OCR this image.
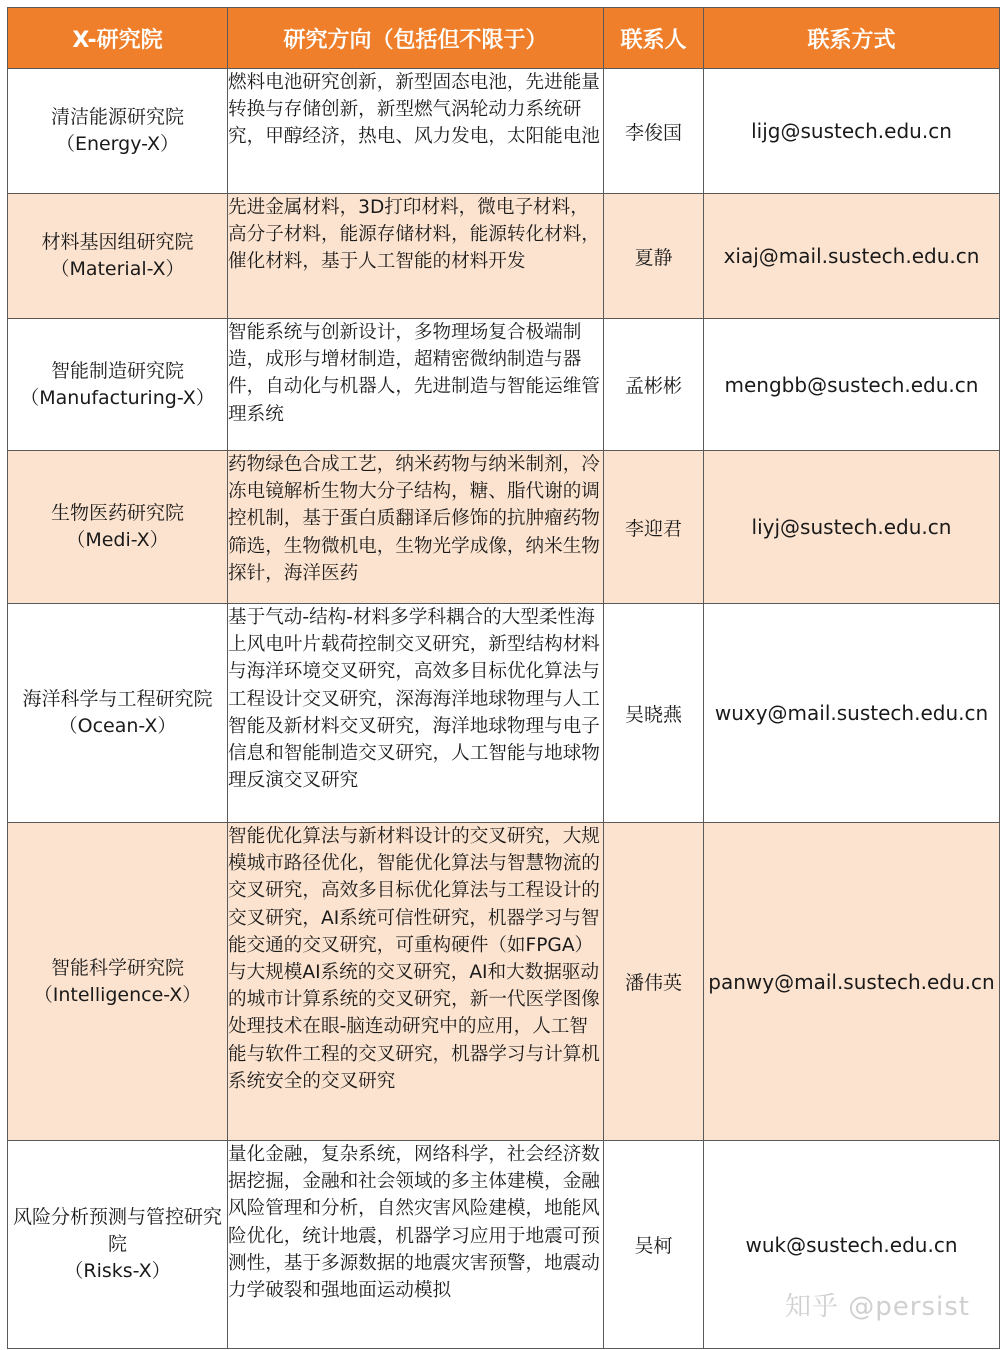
X-研究院	研究方向（包括但不限于）	联系人	联系方式

清洁能源研究院
（Energy-X）	燃料电池研究创新，新型固态电池，先进能量转换与存储创新，新型燃气涡轮动力系统研究，甲醇经济，热电、风力发电，太阳能电池	李俊国	lijg@sustech.edu.cn

材料基因组研究院
（Material-X）	先进金属材料，3D打印材料，微电子材料，高分子材料，能源存储材料，能源转化材料，催化材料，基于人工智能的材料开发	夏静	xiaj@mail.sustech.edu.cn

智能制造研究院
（Manufacturing-X）	智能系统与创新设计，多物理场复合极端制造，成形与增材制造，超精密微纳制造与器件，自动化与机器人，先进制造与智能运维管理系统	孟彬彬	mengbb@sustech.edu.cn

生物医药研究院
（Medi-X）	药物绿色合成工艺，纳米药物与纳米制剂，冷冻电镜解析生物大分子结构，糖、脂代谢的调控机制，基于蛋白质翻译后修饰的抗肿瘤药物筛选，生物微机电，生物光学成像，纳米生物探针，海洋医药	李迎君	liyj@sustech.edu.cn

海洋科学与工程研究院
（Ocean-X）	基于气动-结构-材料多学科耦合的大型柔性海上风电叶片载荷控制交叉研究，新型结构材料与海洋环境交叉研究，高效多目标优化算法与工程设计交叉研究，深海海洋地球物理与人工智能及新材料交叉研究，海洋地球物理与电子信息和智能制造交叉研究，人工智能与地球物理反演交叉研究	吴晓燕	wuxy@mail.sustech.edu.cn

智能科学研究院
（Intelligence-X）	智能优化算法与新材料设计的交叉研究，大规模城市路径优化，智能优化算法与智慧物流的交叉研究，高效多目标优化算法与工程设计的交叉研究，AI系统可信性研究，机器学习与智能交通的交叉研究，可重构硬件（如FPGA）与大规模AI系统的交叉研究，AI和大数据驱动的城市计算系统的交叉研究，新一代医学图像处理技术在眼-脑连动研究中的应用，人工智能与软件工程的交叉研究，机器学习与计算机系统安全的交叉研究	潘伟英	panwy@mail.sustech.edu.cn

风险分析预测与管控研究院
（Risks-X）	量化金融，复杂系统，网络科学，社会经济数据挖掘，金融和社会领域的多主体建模，金融风险管理和分析，自然灾害风险建模，地能风险优化，统计地震，机器学习应用于地震可预测性，基于多源数据的地震灾害预警，地震动力学破裂和强地面运动模拟	吴柯	wuk@sustech.edu.cn
知乎 @persist
